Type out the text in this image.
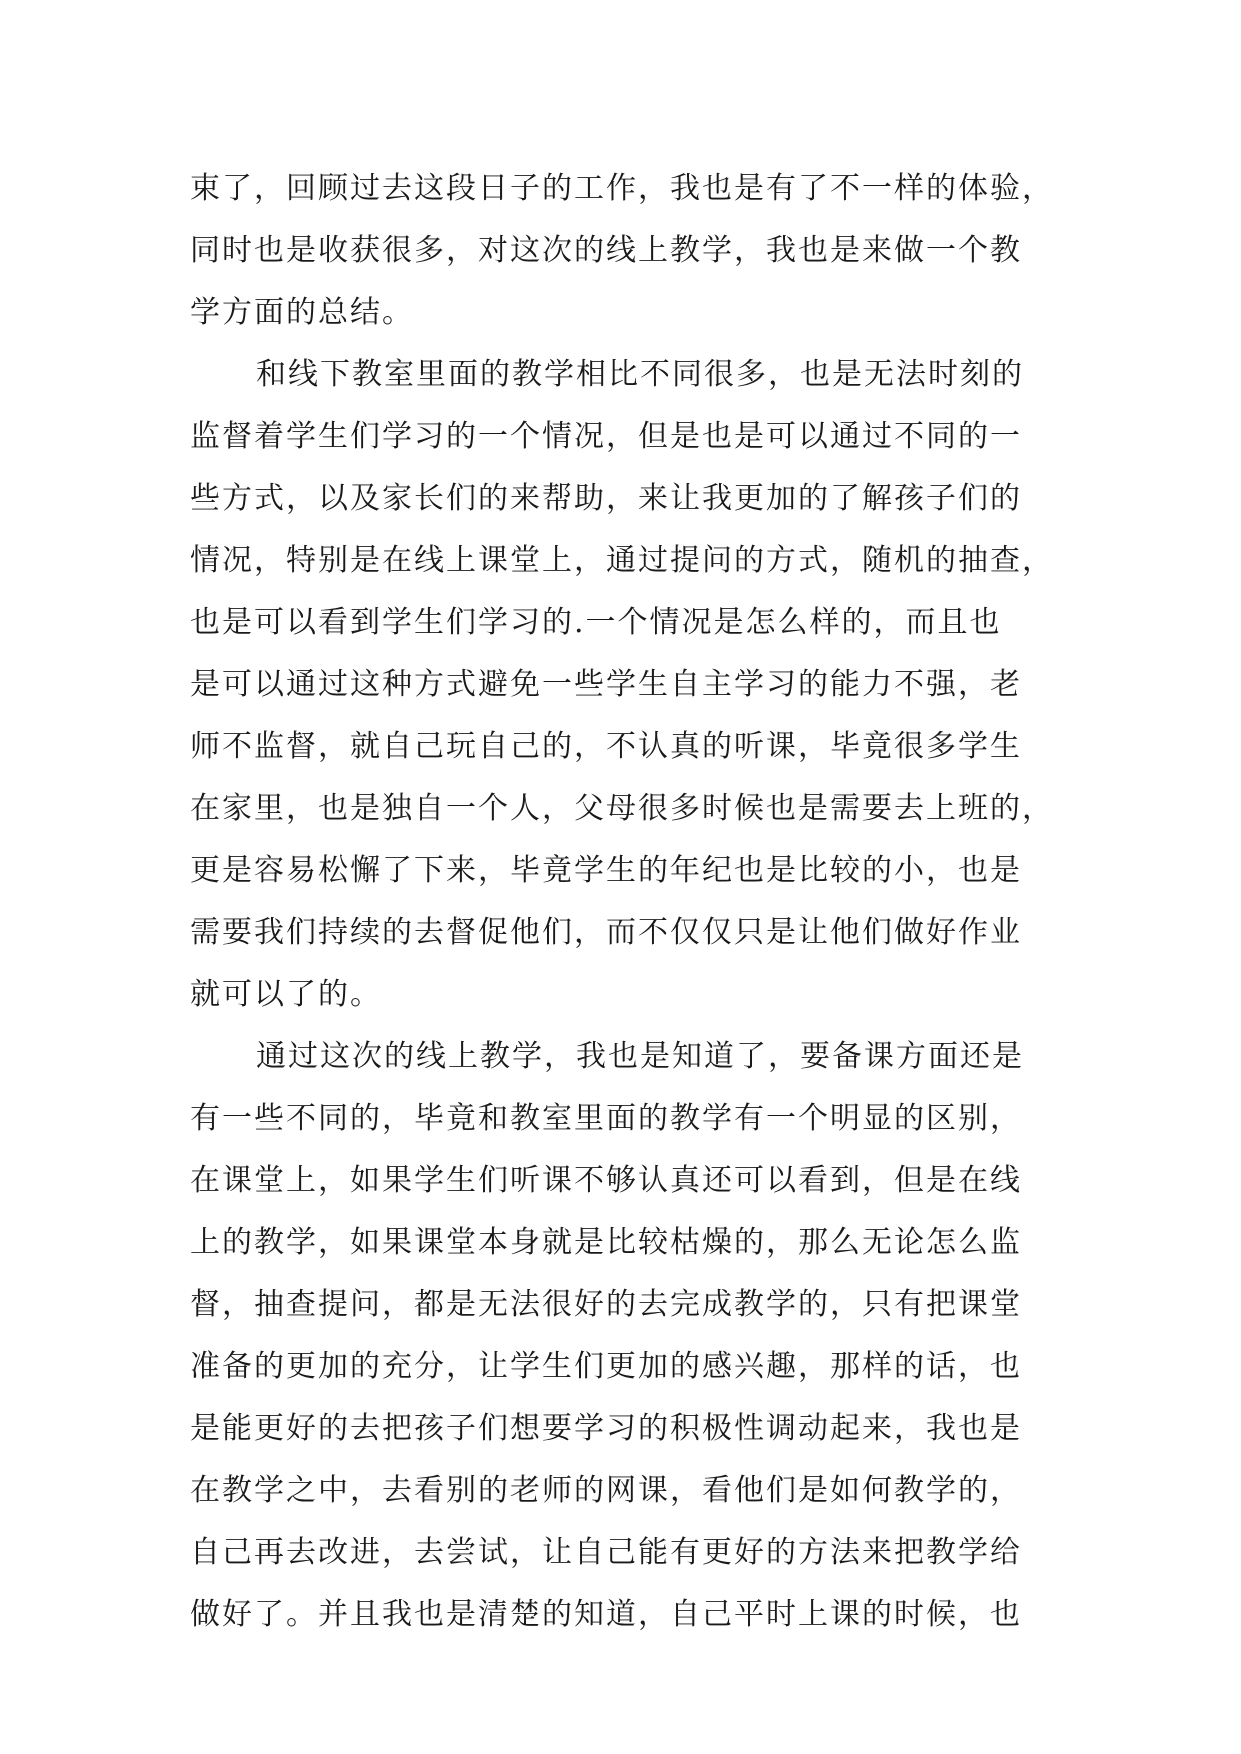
束了，回顾过去这段日子的工作，我也是有了不一样的体验，
同时也是收获很多，对这次的线上教学，我也是来做一个教
学方面的总结。
和线下教室里面的教学相比不同很多，也是无法时刻的
监督着学生们学习的一个情况，但是也是可以通过不同的一
些方式，以及家长们的来帮助，来让我更加的了解孩子们的
情况，特别是在线上课堂上，通过提问的方式，随机的抽查，
也是可以看到学生们学习的.一个情况是怎么样的，而且也
是可以通过这种方式避免一些学生自主学习的能力不强，老
师不监督，就自己玩自己的，不认真的听课，毕竟很多学生
在家里，也是独自一个人，父母很多时候也是需要去上班的，
更是容易松懈了下来，毕竟学生的年纪也是比较的小，也是
需要我们持续的去督促他们，而不仅仅只是让他们做好作业
就可以了的。
通过这次的线上教学，我也是知道了，要备课方面还是
有一些不同的，毕竟和教室里面的教学有一个明显的区别，
在课堂上，如果学生们听课不够认真还可以看到，但是在线
上的教学，如果课堂本身就是比较枯燥的，那么无论怎么监
督，抽查提问，都是无法很好的去完成教学的，只有把课堂
准备的更加的充分，让学生们更加的感兴趣，那样的话，也
是能更好的去把孩子们想要学习的积极性调动起来，我也是
在教学之中，去看别的老师的网课，看他们是如何教学的，
自己再去改进，去尝试，让自己能有更好的方法来把教学给
做好了。并且我也是清楚的知道，自己平时上课的时候，也
